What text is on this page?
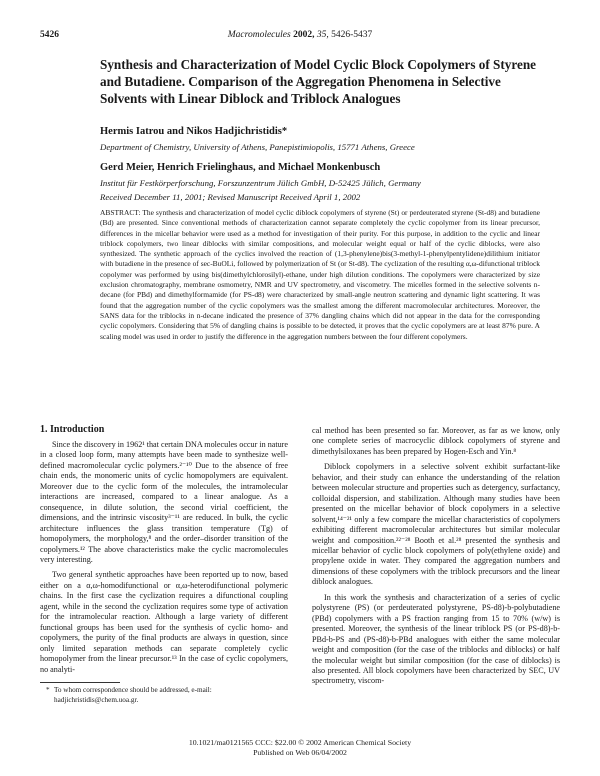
5426	Macromolecules 2002, 35, 5426-5437
Synthesis and Characterization of Model Cyclic Block Copolymers of Styrene and Butadiene. Comparison of the Aggregation Phenomena in Selective Solvents with Linear Diblock and Triblock Analogues
Hermis Iatrou and Nikos Hadjichristidis*
Department of Chemistry, University of Athens, Panepistimiopolis, 15771 Athens, Greece
Gerd Meier, Henrich Frielinghaus, and Michael Monkenbusch
Institut für Festkörperforschung, Forszunzentrum Jülich GmbH, D-52425 Jülich, Germany
Received December 11, 2001; Revised Manuscript Received April 1, 2002

ABSTRACT: The synthesis and characterization of model cyclic diblock copolymers of styrene (St) or perdeuterated styrene (St-d8) and butadiene (Bd) are presented. Since conventional methods of characterization cannot separate completely the cyclic copolymer from its linear precursor, differences in the micellar behavior were used as a method for investigation of their purity. For this purpose, in addition to the cyclic and linear triblock copolymers, two linear diblocks with similar compositions, and molecular weight equal or half of the cyclic diblocks, were also synthesized. The synthetic approach of the cyclics involved the reaction of (1,3-phenylene)bis(3-methyl-1-phenylpentylidene)dilithium initiator with butadiene in the presence of sec-BuOLi, followed by polymerization of St (or St-d8). The cyclization of the resulting α,ω-difunctional triblock copolymer was performed by using bis(dimethylchlorosilyl)-ethane, under high dilution conditions. The copolymers were characterized by size exclusion chromatography, membrane osmometry, NMR and UV spectrometry, and viscometry. The micelles formed in the selective solvents n-decane (for PBd) and dimethylformamide (for PS-d8) were characterized by small-angle neutron scattering and dynamic light scattering. It was found that the aggregation number of the cyclic copolymers was the smallest among the different macromolecular architectures. Moreover, the SANS data for the triblocks in n-decane indicated the presence of 37% dangling chains which did not appear in the data for the corresponding cyclic copolymers. Considering that 5% of dangling chains is possible to be detected, it proves that the cyclic copolymers are at least 87% pure. A scaling model was used in order to justify the difference in the aggregation numbers between the four different copolymers.

1. Introduction

Since the discovery in 1962¹ that certain DNA molecules occur in nature in a closed loop form, many attempts have been made to synthesize well-defined macromolecular cyclic polymers.²⁻¹⁰ Due to the absence of free chain ends, the monomeric units of cyclic homopolymers are equivalent. Moreover due to the cyclic form of the molecules, the intramolecular interactions are increased, compared to a linear analogue. As a consequence, in dilute solution, the second virial coefficient, the dimensions, and the intrinsic viscosity³⁻¹¹ are reduced. In bulk, the cyclic architecture influences the glass transition temperature (Tg) of homopolymers, the morphology,⁸ and the order–disorder transition of the copolymers.¹² The above characteristics make the cyclic macromolecules very interesting.

Two general synthetic approaches have been reported up to now, based either on a α,ω-homodifunctional or α,ω-heterodifunctional polymeric chains. In the first case the cyclization requires a difunctional coupling agent, while in the second the cyclization requires some type of activation for the intramolecular reaction. Although a large variety of different functional groups has been used for the synthesis of cyclic homo- and copolymers, the purity of the final products are always in question, since only limited separation methods can separate completely cyclic homopolymer from the linear precursor.¹³ In the case of cyclic copolymers, no analyti-

cal method has been presented so far. Moreover, as far as we know, only one complete series of macrocyclic diblock copolymers of styrene and dimethylsiloxanes has been prepared by Hogen-Esch and Yin.⁸

Diblock copolymers in a selective solvent exhibit surfactant-like behavior, and their study can enhance the understanding of the relation between molecular structure and properties such as detergency, surfactancy, colloidal dispersion, and stabilization. Although many studies have been presented on the micellar behavior of block copolymers in a selective solvent,¹⁴⁻²¹ only a few compare the micellar characteristics of copolymers exhibiting different macromolecular architectures but similar molecular weight and composition.²²⁻²⁸ Booth et al.²⁸ presented the synthesis and micellar behavior of cyclic block copolymers of poly(ethylene oxide) and propylene oxide in water. They compared the aggregation numbers and dimensions of these copolymers with the triblock precursors and the linear diblock analogues.

In this work the synthesis and characterization of a series of cyclic polystyrene (PS) (or perdeuterated polystyrene, PS-d8)-b-polybutadiene (PBd) copolymers with a PS fraction ranging from 15 to 70% (w/w) is presented. Moreover, the synthesis of the linear triblock PS (or PS-d8)-b-PBd-b-PS and (PS-d8)-b-PBd analogues with either the same molecular weight and composition (for the case of the triblocks and diblocks) or half the molecular weight but similar composition (for the case of diblocks) is also presented. All block copolymers have been characterized by SEC, UV spectrometry, viscom-

* To whom correspondence should be addressed, e-mail: hadjichristidis@chem.uoa.gr.
10.1021/ma0121565 CCC: $22.00 © 2002 American Chemical Society
Published on Web 06/04/2002
